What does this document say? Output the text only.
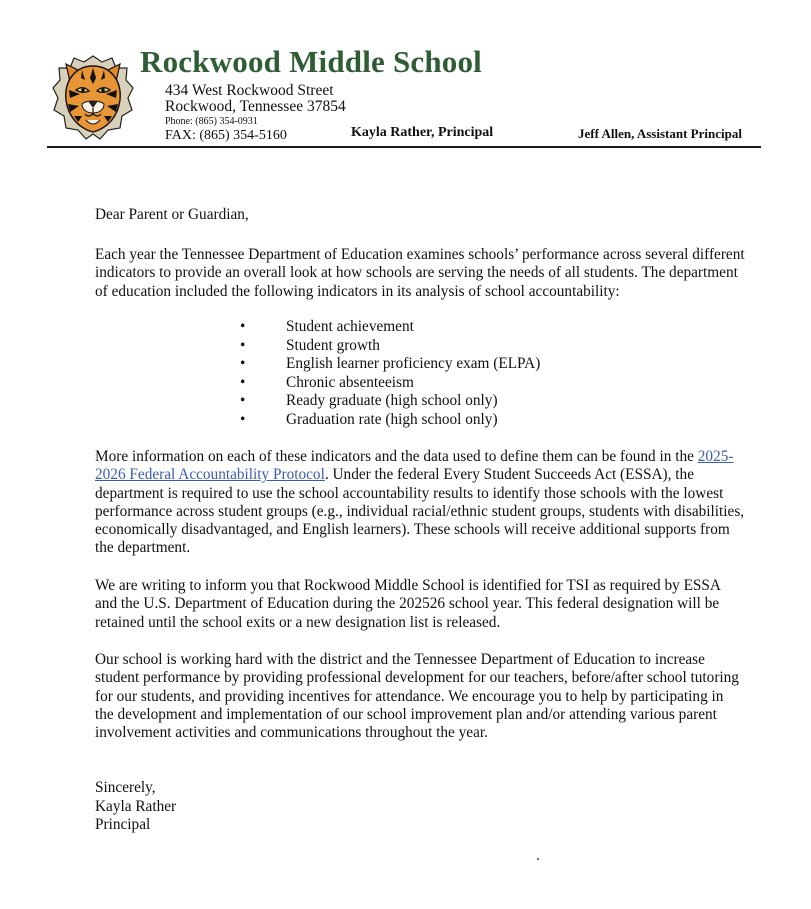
Rockwood Middle School
434 West Rockwood Street
Rockwood, Tennessee 37854
Phone: (865) 354-0931
FAX: (865) 354-5160	Kayla Rather, Principal	Jeff Allen, Assistant Principal

Dear Parent or Guardian,

Each year the Tennessee Department of Education examines schools’ performance across several different indicators to provide an overall look at how schools are serving the needs of all students. The department of education included the following indicators in its analysis of school accountability:

•	Student achievement
•	Student growth
•	English learner proficiency exam (ELPA)
•	Chronic absenteeism
•	Ready graduate (high school only)
•	Graduation rate (high school only)

More information on each of these indicators and the data used to define them can be found in the 2025-2026 Federal Accountability Protocol. Under the federal Every Student Succeeds Act (ESSA), the department is required to use the school accountability results to identify those schools with the lowest performance across student groups (e.g., individual racial/ethnic student groups, students with disabilities, economically disadvantaged, and English learners). These schools will receive additional supports from the department.

We are writing to inform you that Rockwood Middle School is identified for TSI as required by ESSA and the U.S. Department of Education during the 202526 school year. This federal designation will be retained until the school exits or a new designation list is released.

Our school is working hard with the district and the Tennessee Department of Education to increase student performance by providing professional development for our teachers, before/after school tutoring for our students, and providing incentives for attendance. We encourage you to help by participating in the development and implementation of our school improvement plan and/or attending various parent involvement activities and communications throughout the year.

Sincerely,
Kayla Rather
Principal
